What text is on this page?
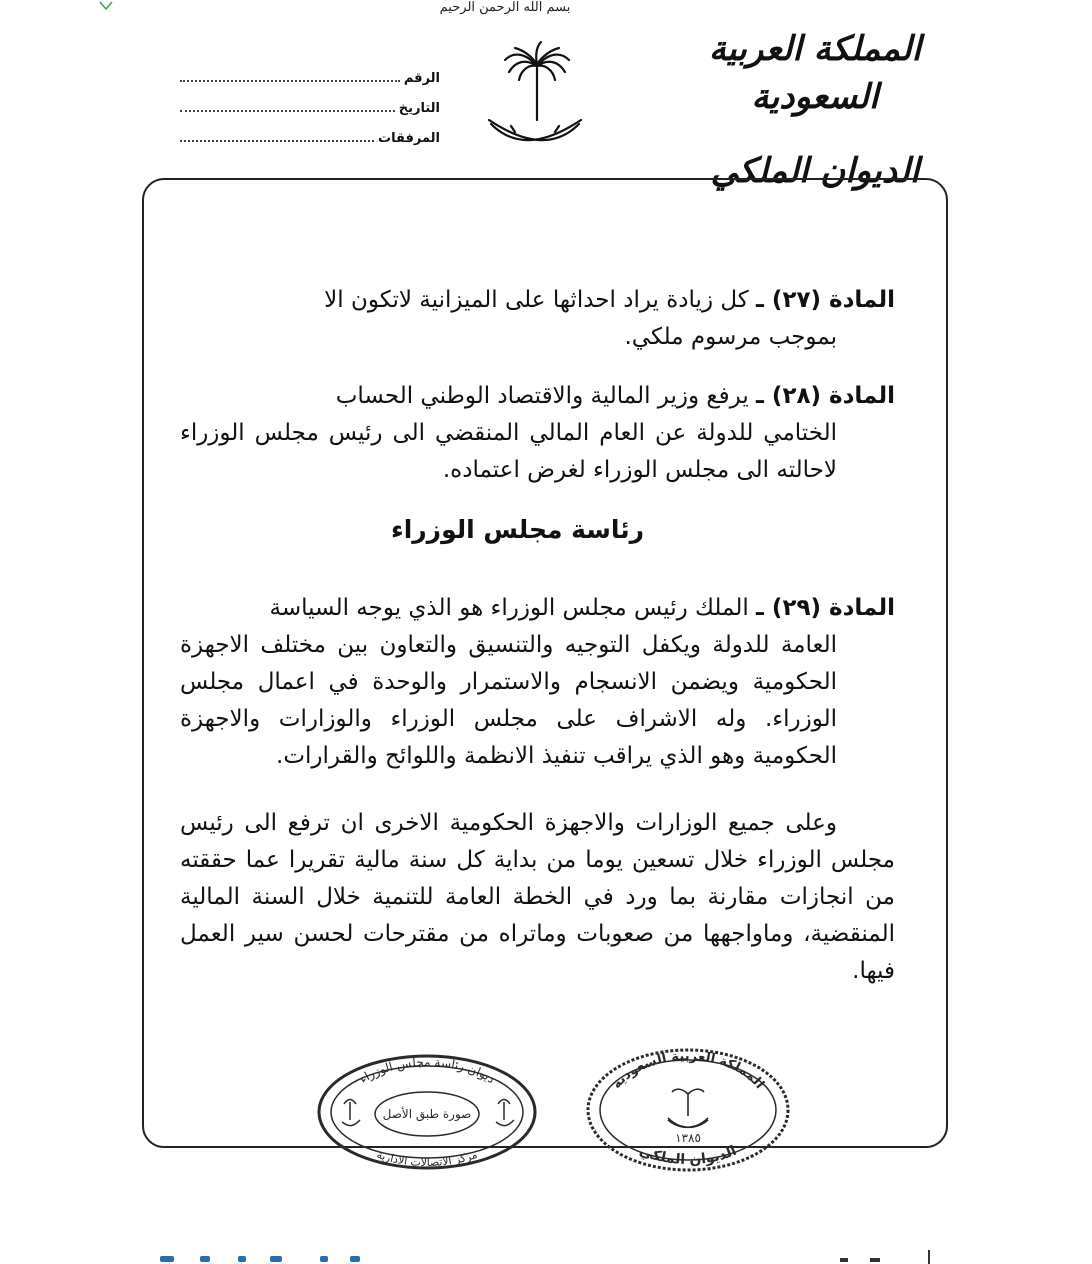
بسم الله الرحمن الرحيم
الرقم
التاريخ
المرفقات
المملكة العربية السعودية
الديوان الملكي

المادة (٢٧) ـ كل زيادة يراد احداثها على الميزانية لاتكون الا
بموجب مرسوم ملكي.

المادة (٢٨) ـ يرفع وزير المالية والاقتصاد الوطني الحساب

الختامي للدولة عن العام المالي المنقضي الى رئيس مجلس الوزراء لاحالته الى مجلس الوزراء لغرض اعتماده.

رئاسة مجلس الوزراء

المادة (٢٩) ـ الملك رئيس مجلس الوزراء هو الذي يوجه السياسة

العامة للدولة ويكفل التوجيه والتنسيق والتعاون بين مختلف الاجهزة الحكومية ويضمن الانسجام والاستمرار والوحدة في اعمال مجلس الوزراء. وله الاشراف على مجلس الوزراء والوزارات والاجهزة الحكومية وهو الذي يراقب تنفيذ الانظمة واللوائح والقرارات.

وعلى جميع الوزارات والاجهزة الحكومية الاخرى ان ترفع الى رئيس مجلس الوزراء خلال تسعين يوما من بداية كل سنة مالية تقريرا عما حققته من انجازات مقارنة بما ورد في الخطة العامة للتنمية خلال السنة المالية المنقضية، وماواجهها من صعوبات وماتراه من مقترحات لحسن سير العمل فيها.

ديوان رئاسة مجلس الوزراء
صورة طبق الأصل
مركز الاتصالات الادارية
المملكة العربية السعودية
١٣٨٥
الديوان الملكي
